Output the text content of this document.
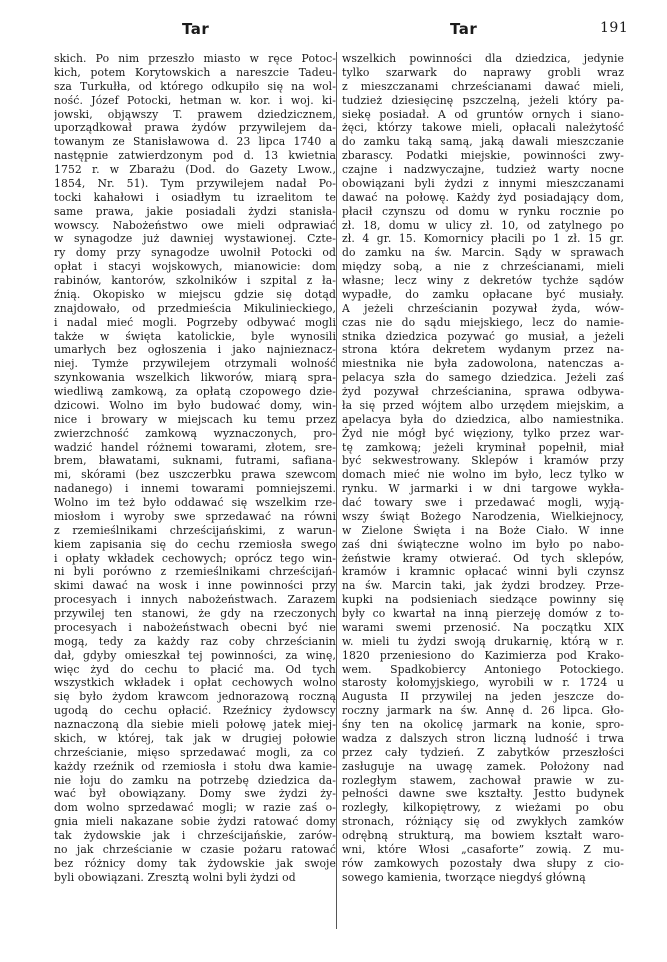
Tar	Tar	191
skich. Po nim przeszło miasto w ręce Potoc-
kich, potem Korytowskich a nareszcie Tadeu-
sza Turkułła, od którego odkupiło się na wol-
ność. Józef Potocki, hetman w. kor. i woj. ki-
jowski, objąwszy T. prawem dziedzicznem,
uporządkował prawa żydów przywilejem da-
towanym ze Stanisławowa d. 23 lipca 1740 a
następnie zatwierdzonym pod d. 13 kwietnia
1752 r. w Zbarażu (Dod. do Gazety Lwow.,
1854, Nr. 51). Tym przywilejem nadał Po-
tocki kahałowi i osiadłym tu izraelitom te
same prawa, jakie posiadali żydzi stanisła-
wowscy. Nabożeństwo owe mieli odprawiać
w synagodze już dawniej wystawionej. Czte-
ry domy przy synagodze uwolnił Potocki od
opłat i stacyi wojskowych, mianowicie: dom
rabinów, kantorów, szkolników i szpital z ła-
źnią. Okopisko w miejscu gdzie się dotąd
znajdowało, od przedmieścia Mikulinieckiego,
i nadal mieć mogli. Pogrzeby odbywać mogli
także w święta katolickie, byle wynosili
umarłych bez ogłoszenia i jako najnieznacz-
niej. Tymże przywilejem otrzymali wolność
szynkowania wszelkich likworów, miarą spra-
wiedliwą zamkową, za opłatą czopowego dzie-
dzicowi. Wolno im było budować domy, win-
nice i browary w miejscach ku temu przez
zwierzchność zamkową wyznaczonych, pro-
wadzić handel różnemi towarami, złotem, sre-
brem, bławatami, suknami, futrami, safiana-
mi, skórami (bez uszczerbku prawa szewcom
nadanego) i innemi towarami pomniejszemi.
Wolno im też było oddawać się wszelkim rze-
miosłom i wyroby swe sprzedawać na równi
z rzemieślnikami chrześcijańskimi, z warun-
kiem zapisania się do cechu rzemiosła swego
i opłaty wkładek cechowych; oprócz tego win-
ni byli porówno z rzemieślnikami chrześcijań-
skimi dawać na wosk i inne powinności przy
procesyach i innych nabożeństwach. Zarazem
przywilej ten stanowi, że gdy na rzeczonych
procesyach i nabożeństwach obecni być nie
mogą, tedy za każdy raz coby chrześcianin
dał, gdyby omieszkał tej powinności, za winę,
więc żyd do cechu to płacić ma. Od tych
wszystkich wkładek i opłat cechowych wolno
się było żydom krawcom jednorazową roczną
ugodą do cechu opłacić. Rzeźnicy żydowscy
naznaczoną dla siebie mieli połowę jatek miej-
skich, w której, tak jak w drugiej połowie
chrześcianie, mięso sprzedawać mogli, za co
każdy rzeźnik od rzemiosła i stołu dwa kamie-
nie łoju do zamku na potrzebę dziedzica da-
wać był obowiązany. Domy swe żydzi ży-
dom wolno sprzedawać mogli; w razie zaś o-
gnia mieli nakazane sobie żydzi ratować domy
tak żydowskie jak i chrześcijańskie, zarów-
no jak chrześcianie w czasie pożaru ratować
bez różnicy domy tak żydowskie jak swoje
byli obowiązani. Zresztą wolni byli żydzi od
wszelkich powinności dla dziedzica, jedynie
tylko szarwark do naprawy grobli wraz
z mieszczanami chrześcianami dawać mieli,
tudzież dziesięcinę pszczelną, jeżeli który pa-
siekę posiadał. A od gruntów ornych i siano-
żęci, którzy takowe mieli, opłacali należytość
do zamku taką samą, jaką dawali mieszczanie
zbarascy. Podatki miejskie, powinności zwy-
czajne i nadzwyczajne, tudzież warty nocne
obowiązani byli żydzi z innymi mieszczanami
dawać na połowę. Każdy żyd posiadający dom,
płacił czynszu od domu w rynku rocznie po
zł. 18, domu w ulicy zł. 10, od zatylnego po
zł. 4 gr. 15. Komornicy płacili po 1 zł. 15 gr.
do zamku na św. Marcin. Sądy w sprawach
między sobą, a nie z chrześcianami, mieli
własne; lecz winy z dekretów tychże sądów
wypadłe, do zamku opłacane być musiały.
A jeżeli chrześcianin pozywał żyda, wów-
czas nie do sądu miejskiego, lecz do namie-
stnika dziedzica pozywać go musiał, a jeżeli
strona która dekretem wydanym przez na-
miestnika nie była zadowolona, natenczas a-
pelacya szła do samego dziedzica. Jeżeli zaś
żyd pozywał chrześcianina, sprawa odbywa-
ła się przed wójtem albo urzędem miejskim, a
apelacya była do dziedzica, albo namiestnika.
Żyd nie mógł być więziony, tylko przez war-
tę zamkową; jeżeli kryminał popełnił, miał
być sekwestrowany. Sklepów i kramów przy
domach mieć nie wolno im było, lecz tylko w
rynku. W jarmarki i w dni targowe wykła-
dać towary swe i przedawać mogli, wyją-
wszy świąt Bożego Narodzenia, Wielkiejnocy,
w Zielone Święta i na Boże Ciało. W inne
zaś dni świąteczne wolno im było po nabo-
żeństwie kramy otwierać. Od tych sklepów,
kramów i kramnic opłacać winni byli czynsz
na św. Marcin taki, jak żydzi brodzey. Prze-
kupki na podsieniach siedzące powinny się
były co kwartał na inną pierzeję domów z to-
warami swemi przenosić. Na początku XIX
w. mieli tu żydzi swoją drukarnię, którą w r.
1820 przeniesiono do Kazimierza pod Krako-
wem. Spadkobiercy Antoniego Potockiego.
starosty kołomyjskiego, wyrobili w r. 1724 u
Augusta II przywilej na jeden jeszcze do-
roczny jarmark na św. Annę d. 26 lipca. Gło-
śny ten na okolicę jarmark na konie, spro-
wadza z dalszych stron liczną ludność i trwa
przez cały tydzień. Z zabytków przeszłości
zasługuje na uwagę zamek. Położony nad
rozległym stawem, zachował prawie w zu-
pełności dawne swe kształty. Jestto budynek
rozległy, kilkopiętrowy, z wieżami po obu
stronach, różniący się od zwykłych zamków
odrębną strukturą, ma bowiem kształt waro-
wni, które Włosi „casaforte” zowią. Z mu-
rów zamkowych pozostały dwa słupy z cio-
sowego kamienia, tworzące niegdyś główną
